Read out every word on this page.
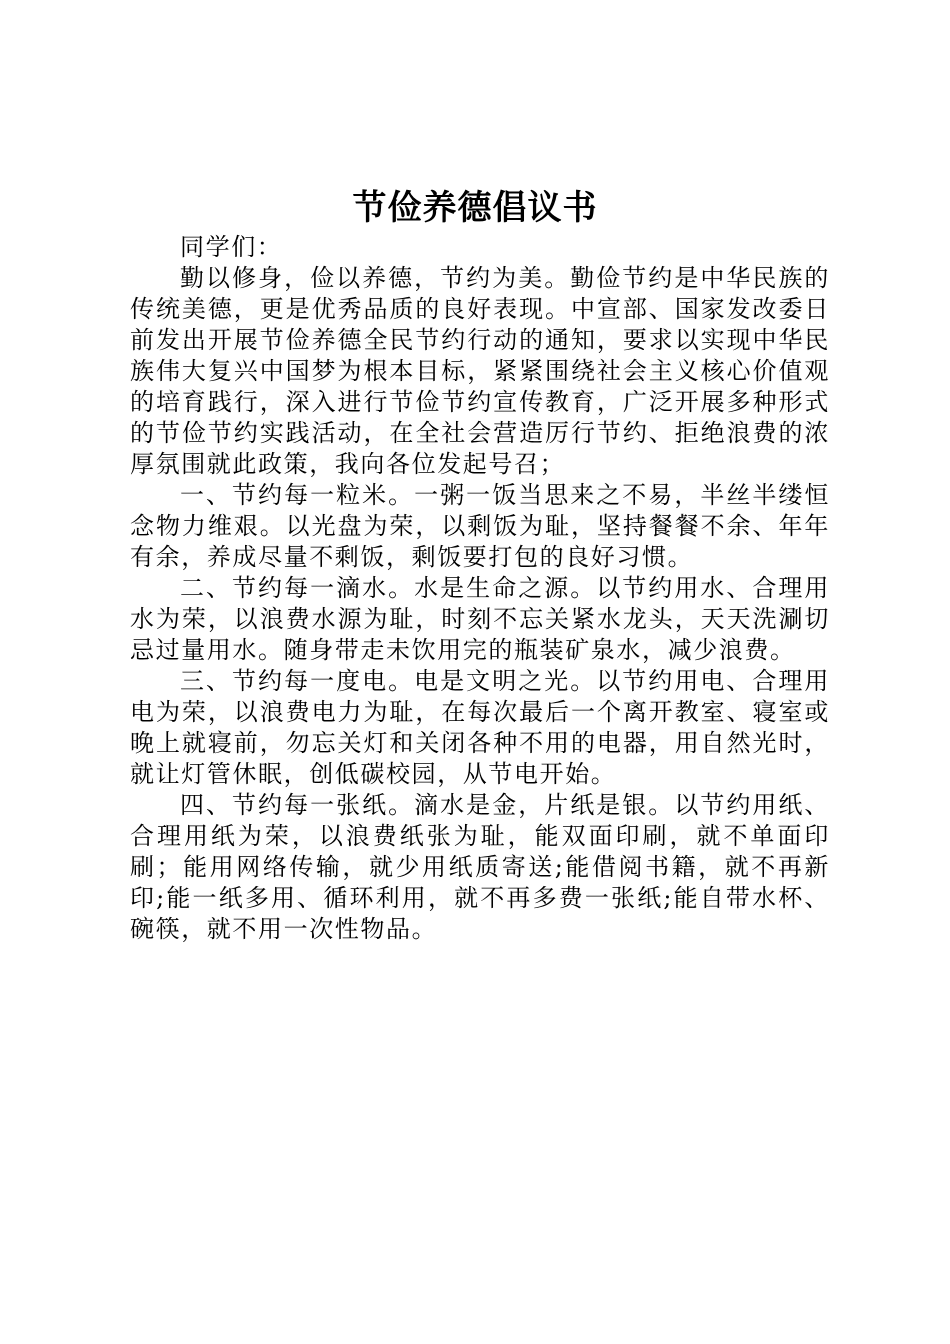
节俭养德倡议书

同学们：

勤以修身，俭以养德，节约为美。勤俭节约是中华民族的传统美德，更是优秀品质的良好表现。中宣部、国家发改委日前发出开展节俭养德全民节约行动的通知，要求以实现中华民族伟大复兴中国梦为根本目标，紧紧围绕社会主义核心价值观的培育践行，深入进行节俭节约宣传教育，广泛开展多种形式的节俭节约实践活动，在全社会营造厉行节约、拒绝浪费的浓厚氛围就此政策，我向各位发起号召；

一、节约每一粒米。一粥一饭当思来之不易，半丝半缕恒念物力维艰。以光盘为荣，以剩饭为耻，坚持餐餐不余、年年有余，养成尽量不剩饭，剩饭要打包的良好习惯。

二、节约每一滴水。水是生命之源。以节约用水、合理用水为荣，以浪费水源为耻，时刻不忘关紧水龙头，天天洗涮切忌过量用水。随身带走未饮用完的瓶装矿泉水，减少浪费。

三、节约每一度电。电是文明之光。以节约用电、合理用电为荣，以浪费电力为耻，在每次最后一个离开教室、寝室或晚上就寝前，勿忘关灯和关闭各种不用的电器，用自然光时，就让灯管休眠，创低碳校园，从节电开始。

四、节约每一张纸。滴水是金，片纸是银。以节约用纸、合理用纸为荣，以浪费纸张为耻，能双面印刷，就不单面印刷；能用网络传输，就少用纸质寄送;能借阅书籍，就不再新印;能一纸多用、循环利用，就不再多费一张纸;能自带水杯、碗筷，就不用一次性物品。
